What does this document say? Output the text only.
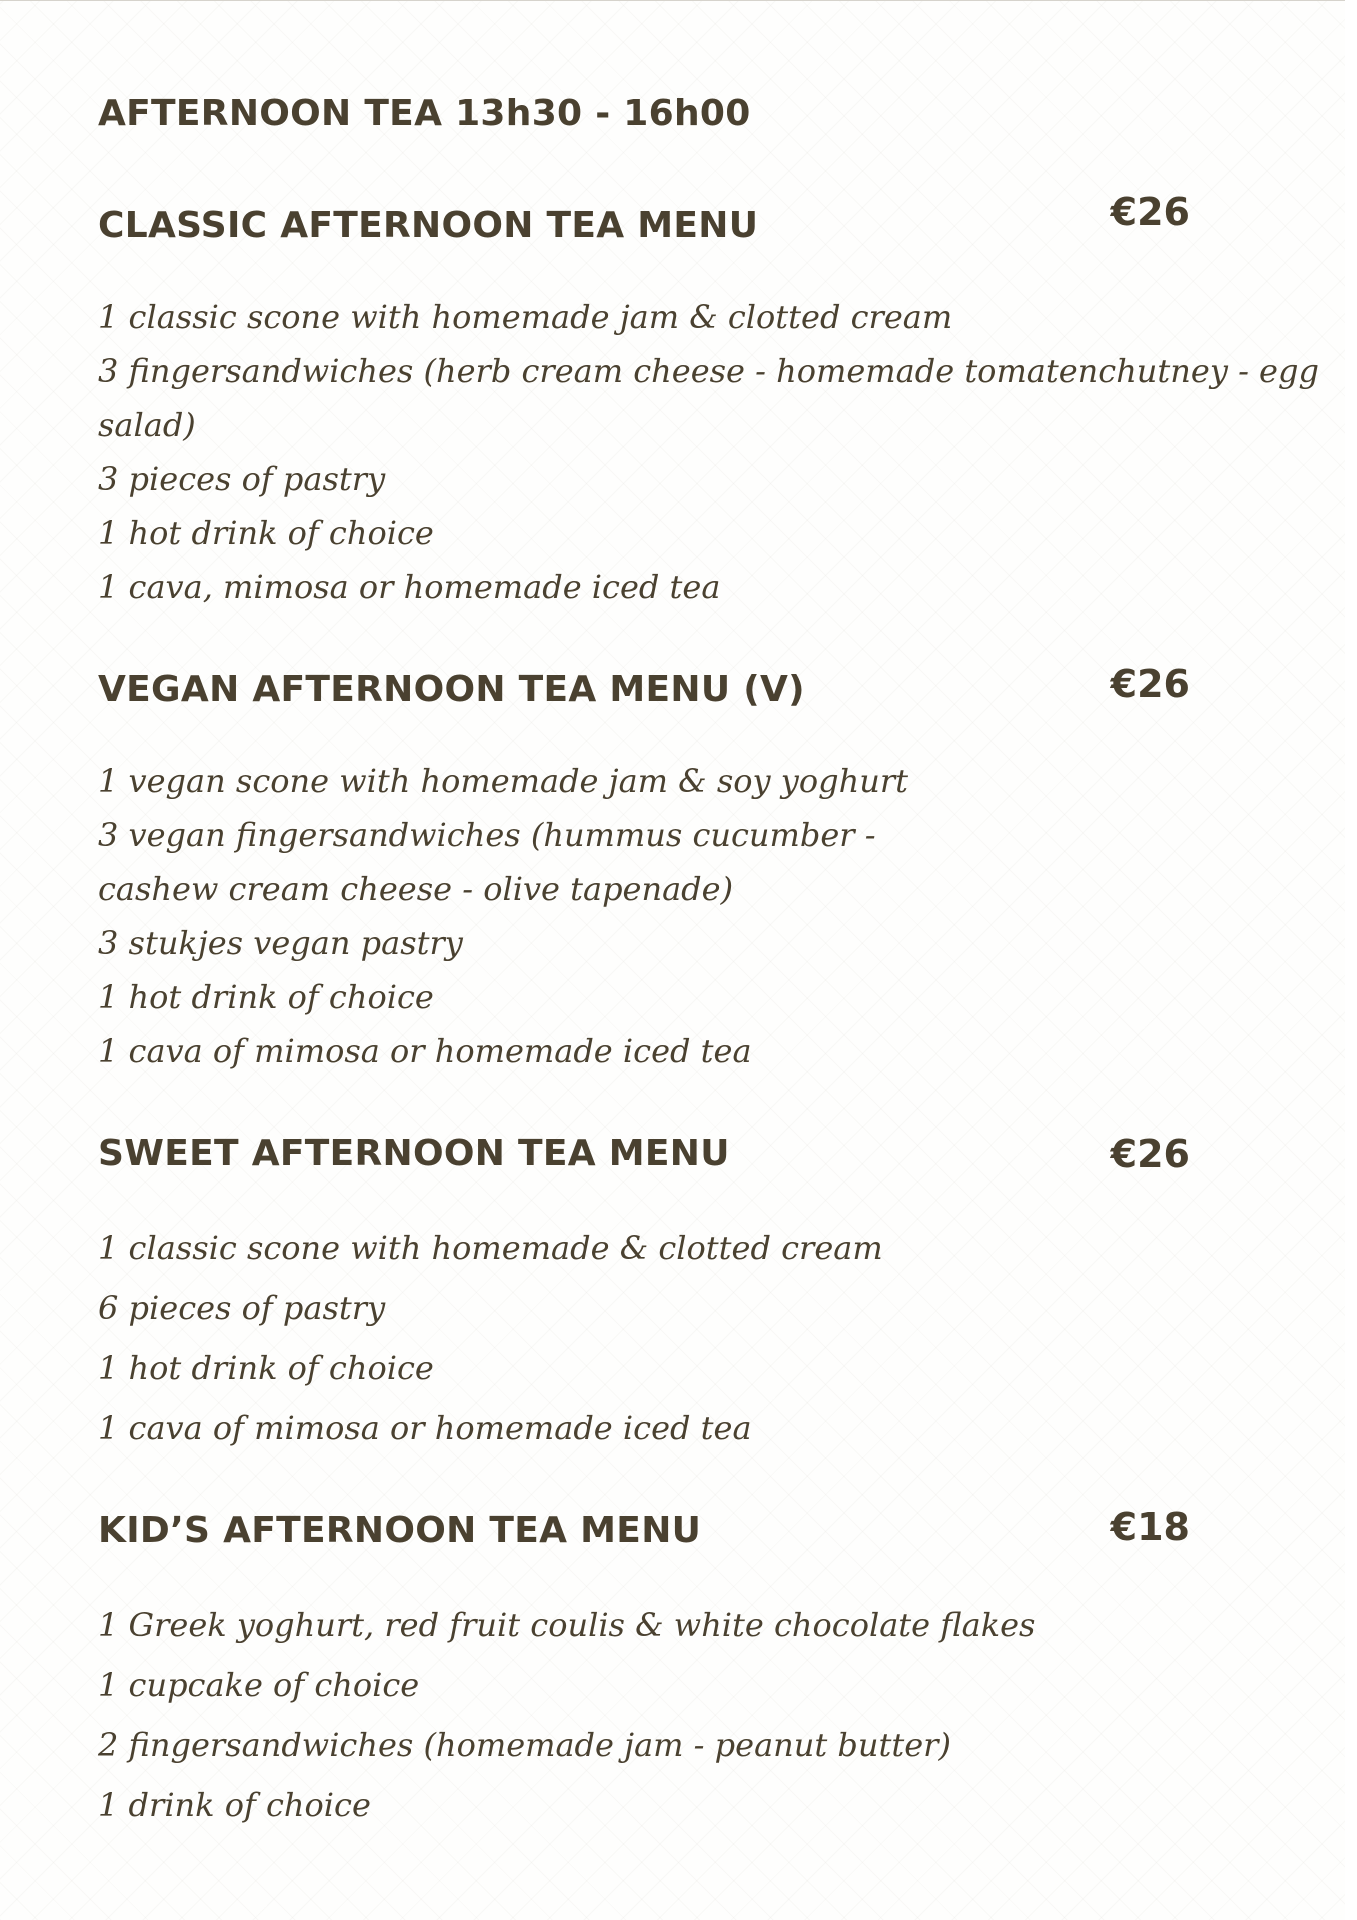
AFTERNOON TEA 13h30 - 16h00
CLASSIC AFTERNOON TEA MENU	€26
1 classic scone with homemade jam & clotted cream
3 fingersandwiches (herb cream cheese - homemade tomatenchutney - egg
salad)
3 pieces of pastry
1 hot drink of choice
1 cava, mimosa or homemade iced tea
VEGAN AFTERNOON TEA MENU (V)	€26
1 vegan scone with homemade jam & soy yoghurt
3 vegan fingersandwiches (hummus cucumber -
cashew cream cheese - olive tapenade)
3 stukjes vegan pastry
1 hot drink of choice
1 cava of mimosa or homemade iced tea
SWEET AFTERNOON TEA MENU	€26
1 classic scone with homemade & clotted cream
6 pieces of pastry
1 hot drink of choice
1 cava of mimosa or homemade iced tea
KID’S AFTERNOON TEA MENU	€18
1 Greek yoghurt, red fruit coulis & white chocolate flakes
1 cupcake of choice
2 fingersandwiches (homemade jam - peanut butter)
1 drink of choice
